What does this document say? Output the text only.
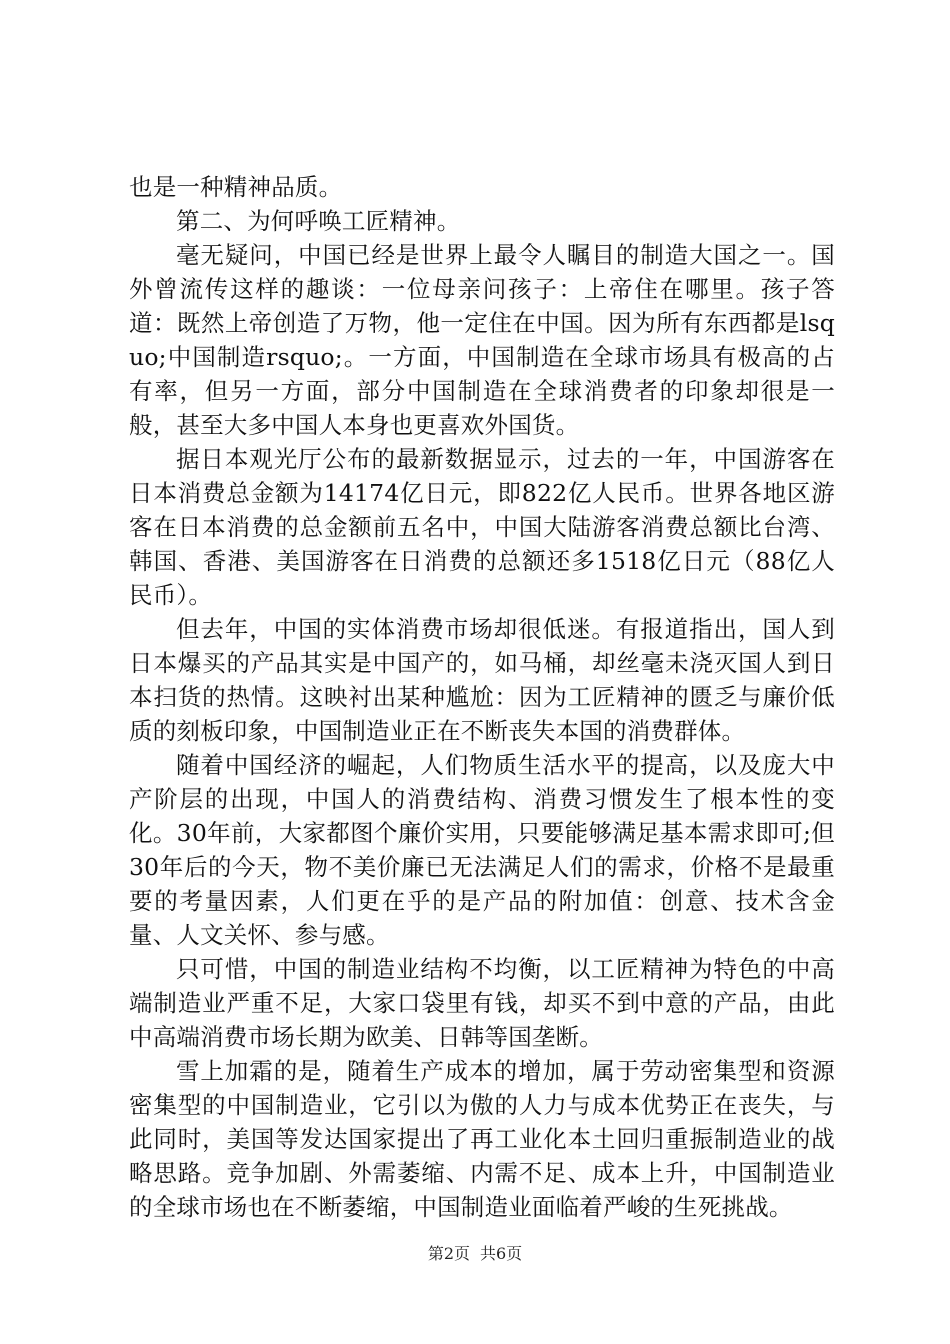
也是一种精神品质。

第二、为何呼唤工匠精神。

毫无疑问，中国已经是世界上最令人瞩目的制造大国之一。国外曾流传这样的趣谈：一位母亲问孩子：上帝住在哪里。孩子答道：既然上帝创造了万物，他一定住在中国。因为所有东西都是lsquo;中国制造rsquo;。一方面，中国制造在全球市场具有极高的占有率，但另一方面，部分中国制造在全球消费者的印象却很是一般，甚至大多中国人本身也更喜欢外国货。

据日本观光厅公布的最新数据显示，过去的一年，中国游客在日本消费总金额为14174亿日元，即822亿人民币。世界各地区游客在日本消费的总金额前五名中，中国大陆游客消费总额比台湾、韩国、香港、美国游客在日消费的总额还多1518亿日元（88亿人民币）。

但去年，中国的实体消费市场却很低迷。有报道指出，国人到日本爆买的产品其实是中国产的，如马桶，却丝毫未浇灭国人到日本扫货的热情。这映衬出某种尴尬：因为工匠精神的匮乏与廉价低质的刻板印象，中国制造业正在不断丧失本国的消费群体。

随着中国经济的崛起，人们物质生活水平的提高，以及庞大中产阶层的出现，中国人的消费结构、消费习惯发生了根本性的变化。30年前，大家都图个廉价实用，只要能够满足基本需求即可;但30年后的今天，物不美价廉已无法满足人们的需求，价格不是最重要的考量因素，人们更在乎的是产品的附加值：创意、技术含金量、人文关怀、参与感。

只可惜，中国的制造业结构不均衡，以工匠精神为特色的中高端制造业严重不足，大家口袋里有钱，却买不到中意的产品，由此中高端消费市场长期为欧美、日韩等国垄断。

雪上加霜的是，随着生产成本的增加，属于劳动密集型和资源密集型的中国制造业，它引以为傲的人力与成本优势正在丧失，与此同时，美国等发达国家提出了再工业化本土回归重振制造业的战略思路。竞争加剧、外需萎缩、内需不足、成本上升，中国制造业的全球市场也在不断萎缩，中国制造业面临着严峻的生死挑战。

第2页 共6页
